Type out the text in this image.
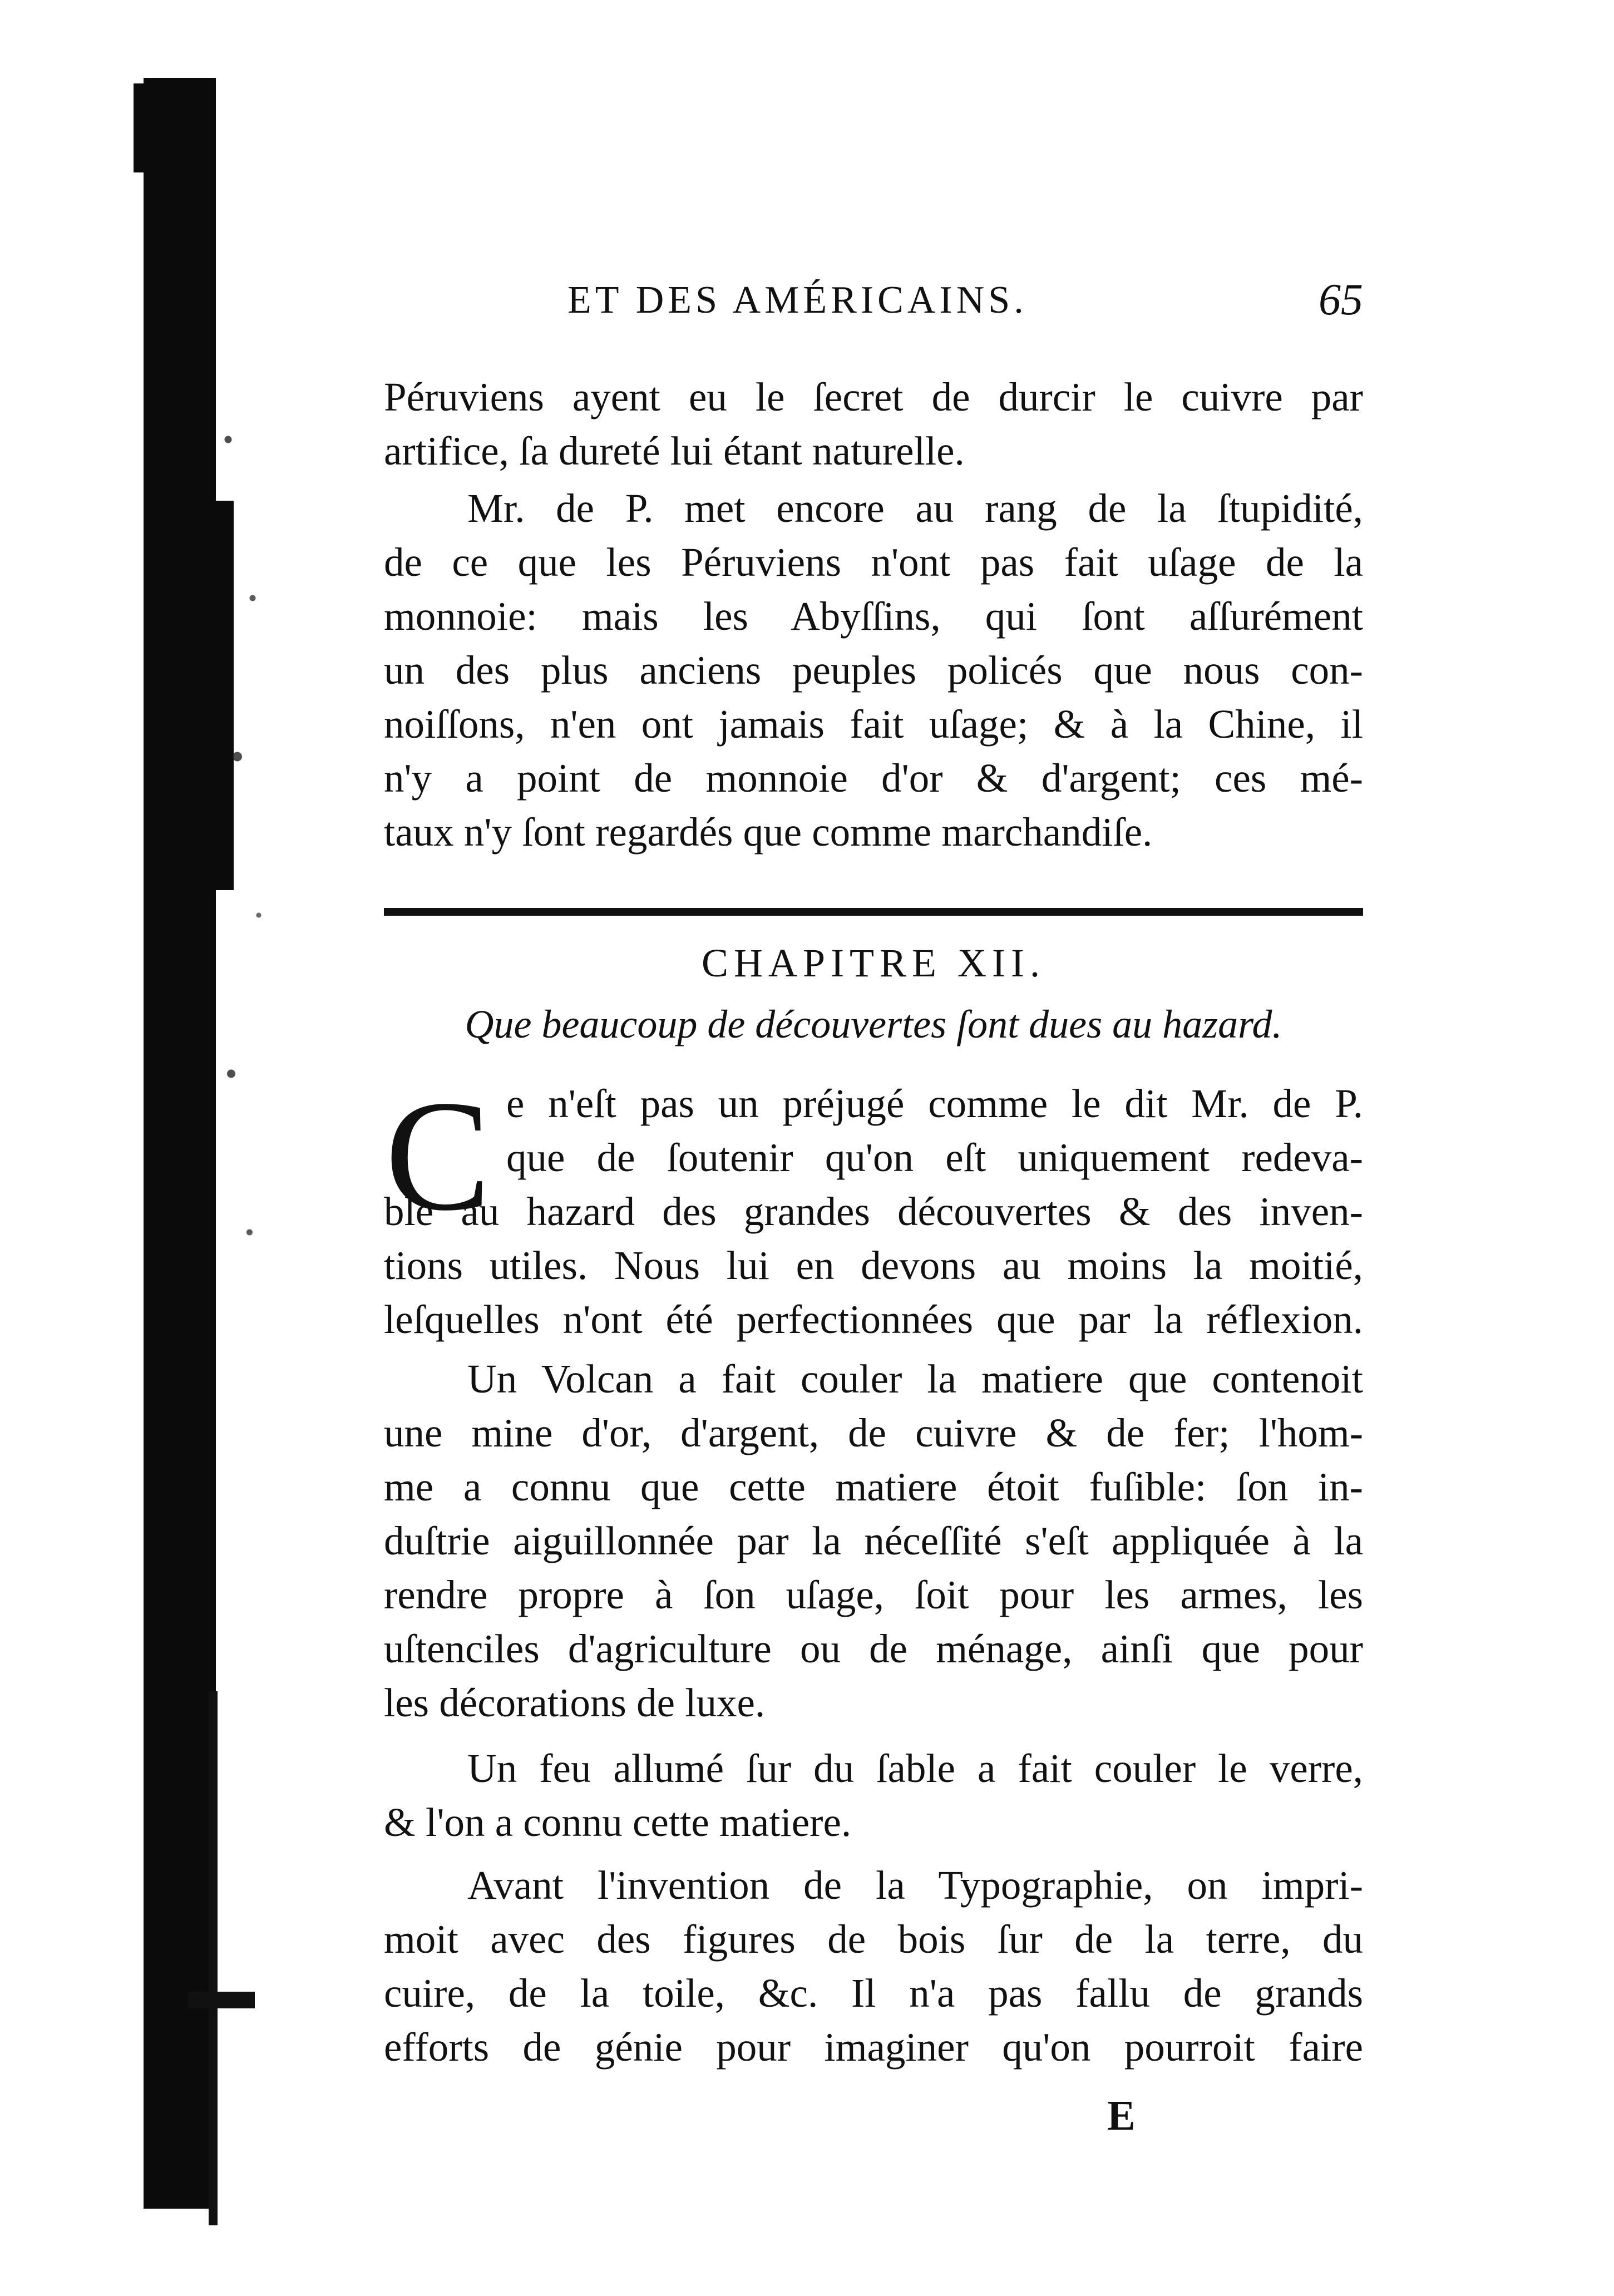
ET DES AMÉRICAINS.	65
Péruviens ayent eu le ſecret de durcir le cuivre par
artifice, ſa dureté lui étant naturelle.
Mr. de P. met encore au rang de la ſtupidité,
de ce que les Péruviens n'ont pas fait uſage de la
monnoie: mais les Abyſſins, qui ſont aſſurément
un des plus anciens peuples policés que nous con-
noiſſons, n'en ont jamais fait uſage; & à la Chine, il
n'y a point de monnoie d'or & d'argent; ces mé-
taux n'y ſont regardés que comme marchandiſe.
CHAPITRE XII.
Que beaucoup de découvertes ſont dues au hazard.
C e n'eſt pas un préjugé comme le dit Mr. de P.
que de ſoutenir qu'on eſt uniquement redeva-
ble au hazard des grandes découvertes & des inven-
tions utiles. Nous lui en devons au moins la moitié,
leſquelles n'ont été perfectionnées que par la réflexion.
Un Volcan a fait couler la matiere que contenoit
une mine d'or, d'argent, de cuivre & de fer; l'hom-
me a connu que cette matiere étoit fuſible: ſon in-
duſtrie aiguillonnée par la néceſſité s'eſt appliquée à la
rendre propre à ſon uſage, ſoit pour les armes, les
uſtenciles d'agriculture ou de ménage, ainſi que pour
les décorations de luxe.
Un feu allumé ſur du ſable a fait couler le verre,
& l'on a connu cette matiere.
Avant l'invention de la Typographie, on impri-
moit avec des figures de bois ſur de la terre, du
cuire, de la toile, &c. Il n'a pas fallu de grands
efforts de génie pour imaginer qu'on pourroit faire
E
